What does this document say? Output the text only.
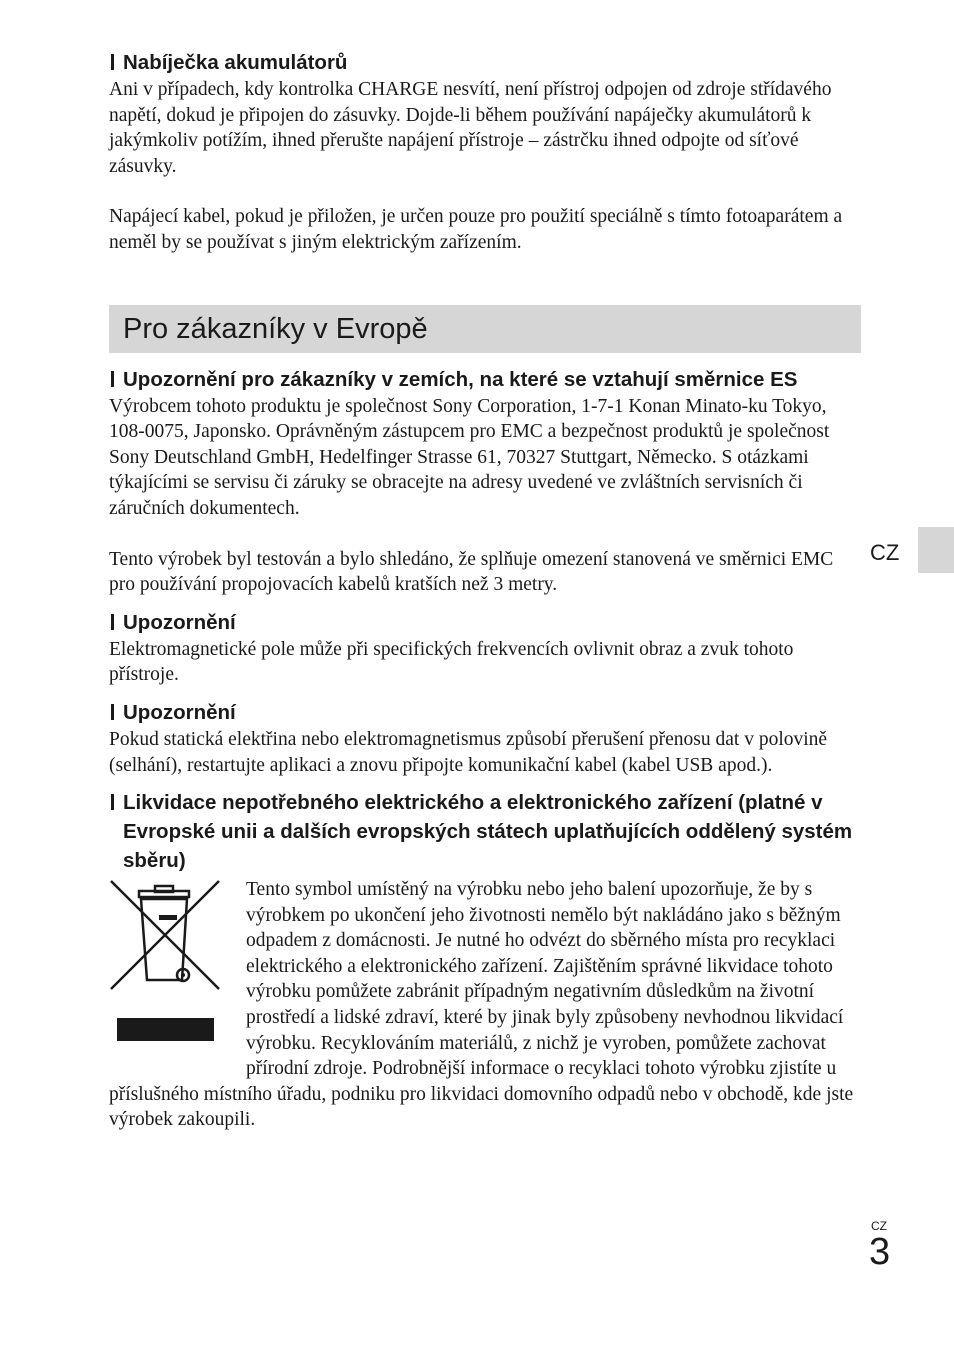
Nabíječka akumulátorů

Ani v případech, kdy kontrolka CHARGE nesvítí, není přístroj odpojen od zdroje střídavého napětí, dokud je připojen do zásuvky. Dojde-li během používání napáječky akumulátorů k jakýmkoliv potížím, ihned přerušte napájení přístroje – zástrčku ihned odpojte od síťové zásuvky.

Napájecí kabel, pokud je přiložen, je určen pouze pro použití speciálně s tímto fotoaparátem a neměl by se používat s jiným elektrickým zařízením.

Pro zákazníky v Evropě
Upozornění pro zákazníky v zemích, na které se vztahují směrnice ES

Výrobcem tohoto produktu je společnost Sony Corporation, 1-7-1 Konan Minato-ku Tokyo, 108-0075, Japonsko. Oprávněným zástupcem pro EMC a bezpečnost produktů je společnost Sony Deutschland GmbH, Hedelfinger Strasse 61, 70327 Stuttgart, Německo. S otázkami týkajícími se servisu či záruky se obracejte na adresy uvedené ve zvláštních servisních či záručních dokumentech.

Tento výrobek byl testován a bylo shledáno, že splňuje omezení stanovená ve směrnici EMC pro používání propojovacích kabelů kratších než 3 metry.

Upozornění

Elektromagnetické pole může při specifických frekvencích ovlivnit obraz a zvuk tohoto přístroje.

Upozornění

Pokud statická elektřina nebo elektromagnetismus způsobí přerušení přenosu dat v polovině (selhání), restartujte aplikaci a znovu připojte komunikační kabel (kabel USB apod.).

Likvidace nepotřebného elektrického a elektronického zařízení (platné v Evropské unii a dalších evropských státech uplatňujících oddělený systém sběru)

Tento symbol umístěný na výrobku nebo jeho balení upozorňuje, že by s výrobkem po ukončení jeho životnosti nemělo být nakládáno jako s běžným odpadem z domácnosti. Je nutné ho odvézt do sběrného místa pro recyklaci elektrického a elektronického zařízení. Zajištěním správné likvidace tohoto výrobku pomůžete zabránit případným negativním důsledkům na životní prostředí a lidské zdraví, které by jinak byly způsobeny nevhodnou likvidací výrobku. Recyklováním materiálů, z nichž je vyroben, pomůžete zachovat přírodní zdroje. Podrobnější informace o recyklaci tohoto výrobku zjistíte u příslušného místního úřadu, podniku pro likvidaci domovního odpadů nebo v obchodě, kde jste výrobek zakoupili.

CZ
CZ
3
